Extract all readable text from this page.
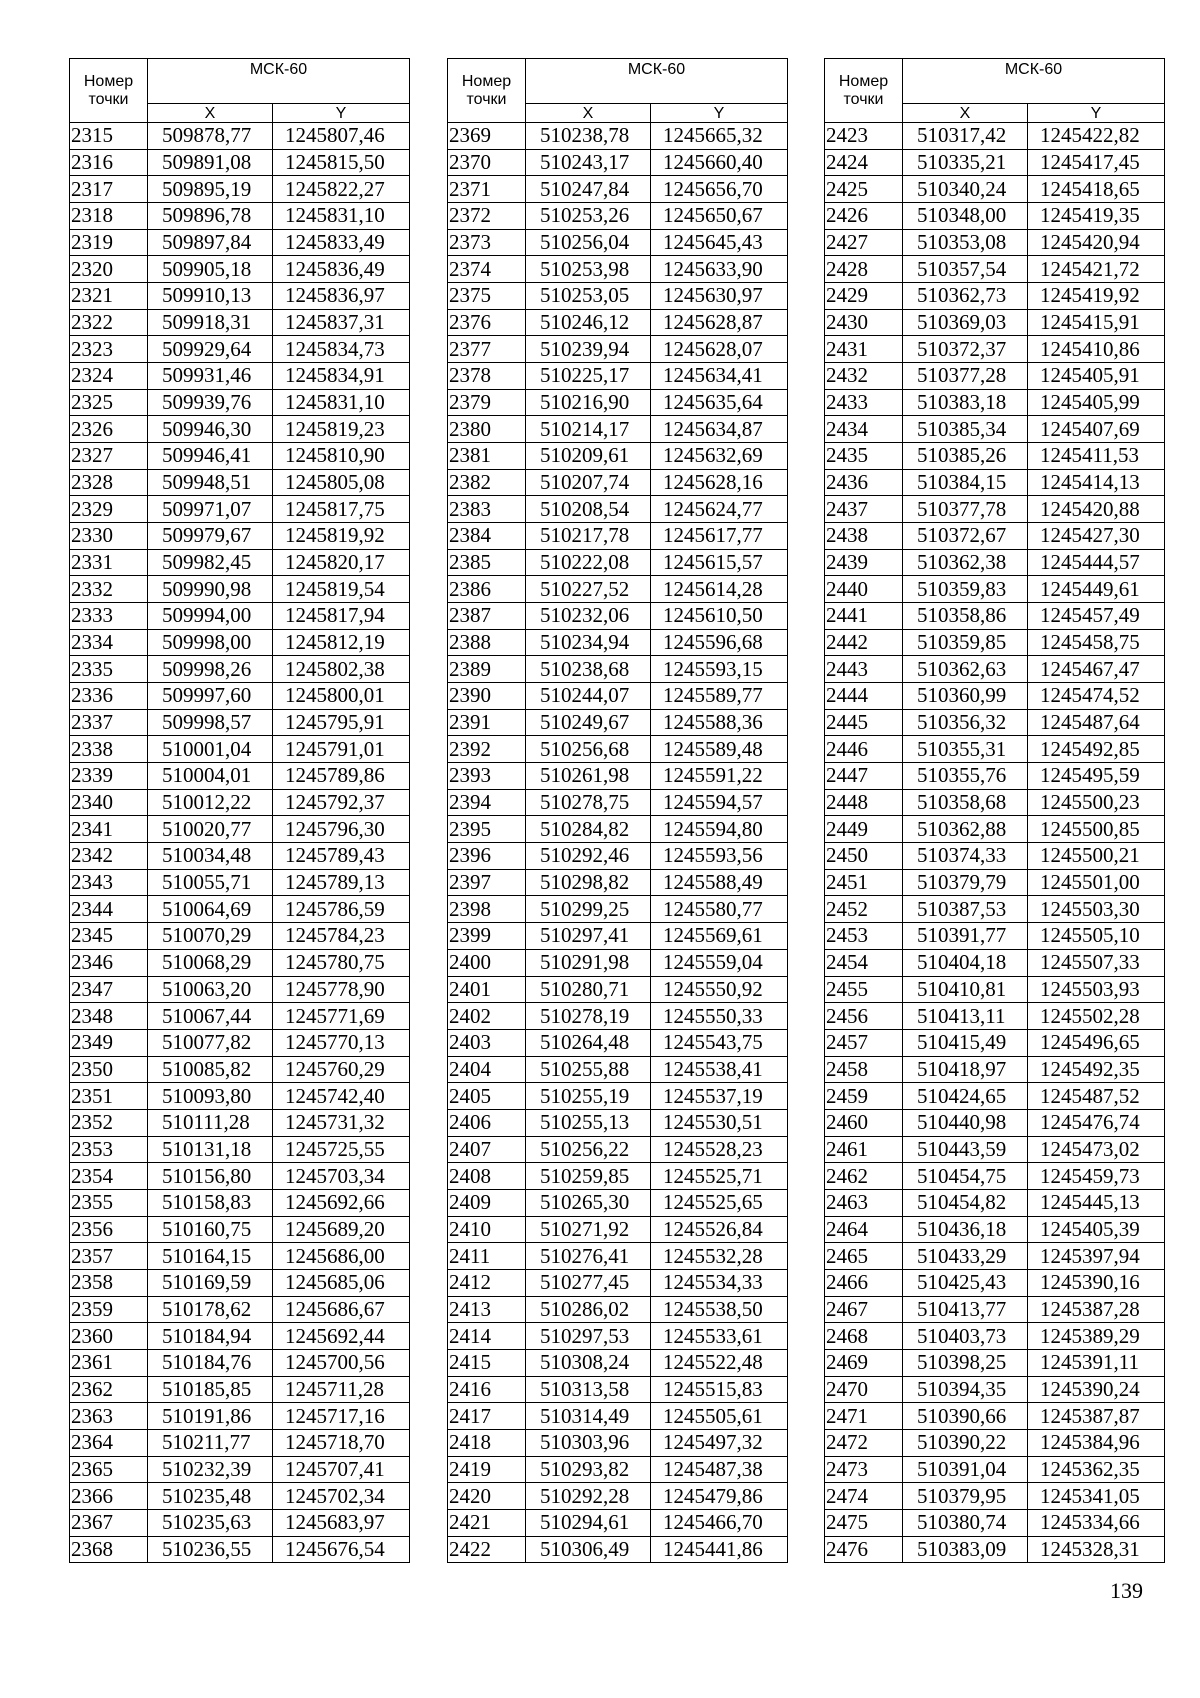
Номер точки	МСК-60	
	X	Y
2315	509878,77	1245807,46
2316	509891,08	1245815,50
2317	509895,19	1245822,27
2318	509896,78	1245831,10
2319	509897,84	1245833,49
2320	509905,18	1245836,49
2321	509910,13	1245836,97
2322	509918,31	1245837,31
2323	509929,64	1245834,73
2324	509931,46	1245834,91
2325	509939,76	1245831,10
2326	509946,30	1245819,23
2327	509946,41	1245810,90
2328	509948,51	1245805,08
2329	509971,07	1245817,75
2330	509979,67	1245819,92
2331	509982,45	1245820,17
2332	509990,98	1245819,54
2333	509994,00	1245817,94
2334	509998,00	1245812,19
2335	509998,26	1245802,38
2336	509997,60	1245800,01
2337	509998,57	1245795,91
2338	510001,04	1245791,01
2339	510004,01	1245789,86
2340	510012,22	1245792,37
2341	510020,77	1245796,30
2342	510034,48	1245789,43
2343	510055,71	1245789,13
2344	510064,69	1245786,59
2345	510070,29	1245784,23
2346	510068,29	1245780,75
2347	510063,20	1245778,90
2348	510067,44	1245771,69
2349	510077,82	1245770,13
2350	510085,82	1245760,29
2351	510093,80	1245742,40
2352	510111,28	1245731,32
2353	510131,18	1245725,55
2354	510156,80	1245703,34
2355	510158,83	1245692,66
2356	510160,75	1245689,20
2357	510164,15	1245686,00
2358	510169,59	1245685,06
2359	510178,62	1245686,67
2360	510184,94	1245692,44
2361	510184,76	1245700,56
2362	510185,85	1245711,28
2363	510191,86	1245717,16
2364	510211,77	1245718,70
2365	510232,39	1245707,41
2366	510235,48	1245702,34
2367	510235,63	1245683,97
2368	510236,55	1245676,54
Номер точки	МСК-60	
	X	Y
2369	510238,78	1245665,32
2370	510243,17	1245660,40
2371	510247,84	1245656,70
2372	510253,26	1245650,67
2373	510256,04	1245645,43
2374	510253,98	1245633,90
2375	510253,05	1245630,97
2376	510246,12	1245628,87
2377	510239,94	1245628,07
2378	510225,17	1245634,41
2379	510216,90	1245635,64
2380	510214,17	1245634,87
2381	510209,61	1245632,69
2382	510207,74	1245628,16
2383	510208,54	1245624,77
2384	510217,78	1245617,77
2385	510222,08	1245615,57
2386	510227,52	1245614,28
2387	510232,06	1245610,50
2388	510234,94	1245596,68
2389	510238,68	1245593,15
2390	510244,07	1245589,77
2391	510249,67	1245588,36
2392	510256,68	1245589,48
2393	510261,98	1245591,22
2394	510278,75	1245594,57
2395	510284,82	1245594,80
2396	510292,46	1245593,56
2397	510298,82	1245588,49
2398	510299,25	1245580,77
2399	510297,41	1245569,61
2400	510291,98	1245559,04
2401	510280,71	1245550,92
2402	510278,19	1245550,33
2403	510264,48	1245543,75
2404	510255,88	1245538,41
2405	510255,19	1245537,19
2406	510255,13	1245530,51
2407	510256,22	1245528,23
2408	510259,85	1245525,71
2409	510265,30	1245525,65
2410	510271,92	1245526,84
2411	510276,41	1245532,28
2412	510277,45	1245534,33
2413	510286,02	1245538,50
2414	510297,53	1245533,61
2415	510308,24	1245522,48
2416	510313,58	1245515,83
2417	510314,49	1245505,61
2418	510303,96	1245497,32
2419	510293,82	1245487,38
2420	510292,28	1245479,86
2421	510294,61	1245466,70
2422	510306,49	1245441,86
Номер точки	МСК-60	
	X	Y
2423	510317,42	1245422,82
2424	510335,21	1245417,45
2425	510340,24	1245418,65
2426	510348,00	1245419,35
2427	510353,08	1245420,94
2428	510357,54	1245421,72
2429	510362,73	1245419,92
2430	510369,03	1245415,91
2431	510372,37	1245410,86
2432	510377,28	1245405,91
2433	510383,18	1245405,99
2434	510385,34	1245407,69
2435	510385,26	1245411,53
2436	510384,15	1245414,13
2437	510377,78	1245420,88
2438	510372,67	1245427,30
2439	510362,38	1245444,57
2440	510359,83	1245449,61
2441	510358,86	1245457,49
2442	510359,85	1245458,75
2443	510362,63	1245467,47
2444	510360,99	1245474,52
2445	510356,32	1245487,64
2446	510355,31	1245492,85
2447	510355,76	1245495,59
2448	510358,68	1245500,23
2449	510362,88	1245500,85
2450	510374,33	1245500,21
2451	510379,79	1245501,00
2452	510387,53	1245503,30
2453	510391,77	1245505,10
2454	510404,18	1245507,33
2455	510410,81	1245503,93
2456	510413,11	1245502,28
2457	510415,49	1245496,65
2458	510418,97	1245492,35
2459	510424,65	1245487,52
2460	510440,98	1245476,74
2461	510443,59	1245473,02
2462	510454,75	1245459,73
2463	510454,82	1245445,13
2464	510436,18	1245405,39
2465	510433,29	1245397,94
2466	510425,43	1245390,16
2467	510413,77	1245387,28
2468	510403,73	1245389,29
2469	510398,25	1245391,11
2470	510394,35	1245390,24
2471	510390,66	1245387,87
2472	510390,22	1245384,96
2473	510391,04	1245362,35
2474	510379,95	1245341,05
2475	510380,74	1245334,66
2476	510383,09	1245328,31
139
